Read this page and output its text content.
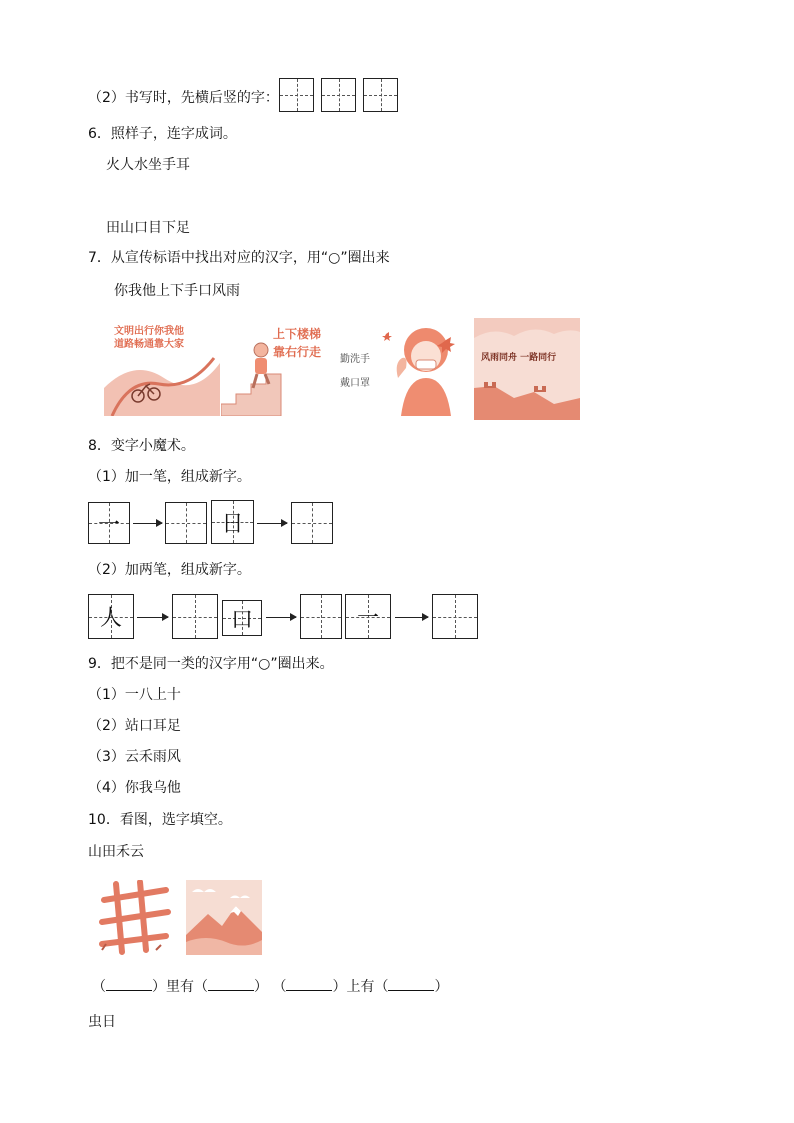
（2）书写时，先横后竖的字：
6．照样子，连字成词。
火人水坐手耳
田山口目下足
7．从宣传标语中找出对应的汉字，用“○”圈出来
你我他上下手口风雨
文明出行你我他
道路畅通靠大家
上下楼梯
靠右行走
勤洗手
戴口罩
风雨同舟 一路同行
8．变字小魔术。
（1）加一笔，组成新字。
一	日
（2）加两笔，组成新字。
人	口	一
9．把不是同一类的汉字用“○”圈出来。
（1）一八上十
（2）站口耳足
（3）云禾雨风
（4）你我乌他
10．看图，选字填空。
山田禾云
（	）里有（	） （	）上有（	）
虫日
